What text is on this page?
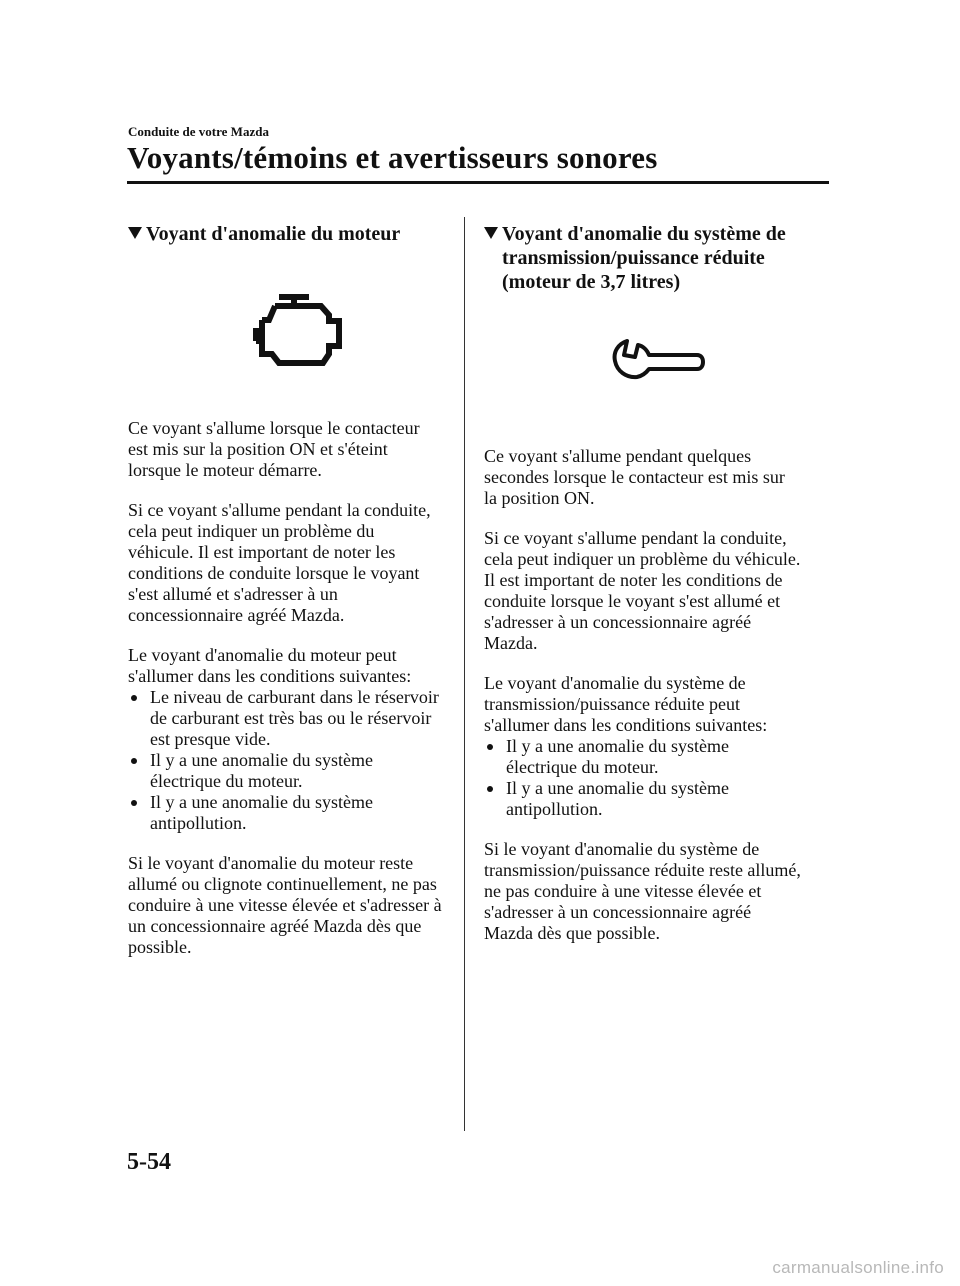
Conduite de votre Mazda
Voyants/témoins et avertisseurs sonores
Voyant d'anomalie du moteur

Ce voyant s'allume lorsque le contacteur est mis sur la position ON et s'éteint lorsque le moteur démarre.

Si ce voyant s'allume pendant la conduite, cela peut indiquer un problème du véhicule. Il est important de noter les conditions de conduite lorsque le voyant s'est allumé et s'adresser à un concessionnaire agréé Mazda.

Le voyant d'anomalie du moteur peut s'allumer dans les conditions suivantes:

Le niveau de carburant dans le réservoir de carburant est très bas ou le réservoir est presque vide.
Il y a une anomalie du système électrique du moteur.
Il y a une anomalie du système antipollution.

Si le voyant d'anomalie du moteur reste allumé ou clignote continuellement, ne pas conduire à une vitesse élevée et s'adresser à un concessionnaire agréé Mazda dès que possible.

Voyant d'anomalie du système de transmission/puissance réduite (moteur de 3,7 litres)

Ce voyant s'allume pendant quelques secondes lorsque le contacteur est mis sur la position ON.

Si ce voyant s'allume pendant la conduite, cela peut indiquer un problème du véhicule. Il est important de noter les conditions de conduite lorsque le voyant s'est allumé et s'adresser à un concessionnaire agréé Mazda.

Le voyant d'anomalie du système de transmission/puissance réduite peut s'allumer dans les conditions suivantes:

Il y a une anomalie du système électrique du moteur.
Il y a une anomalie du système antipollution.

Si le voyant d'anomalie du système de transmission/puissance réduite reste allumé, ne pas conduire à une vitesse élevée et s'adresser à un concessionnaire agréé Mazda dès que possible.

5-54
carmanualsonline.info
